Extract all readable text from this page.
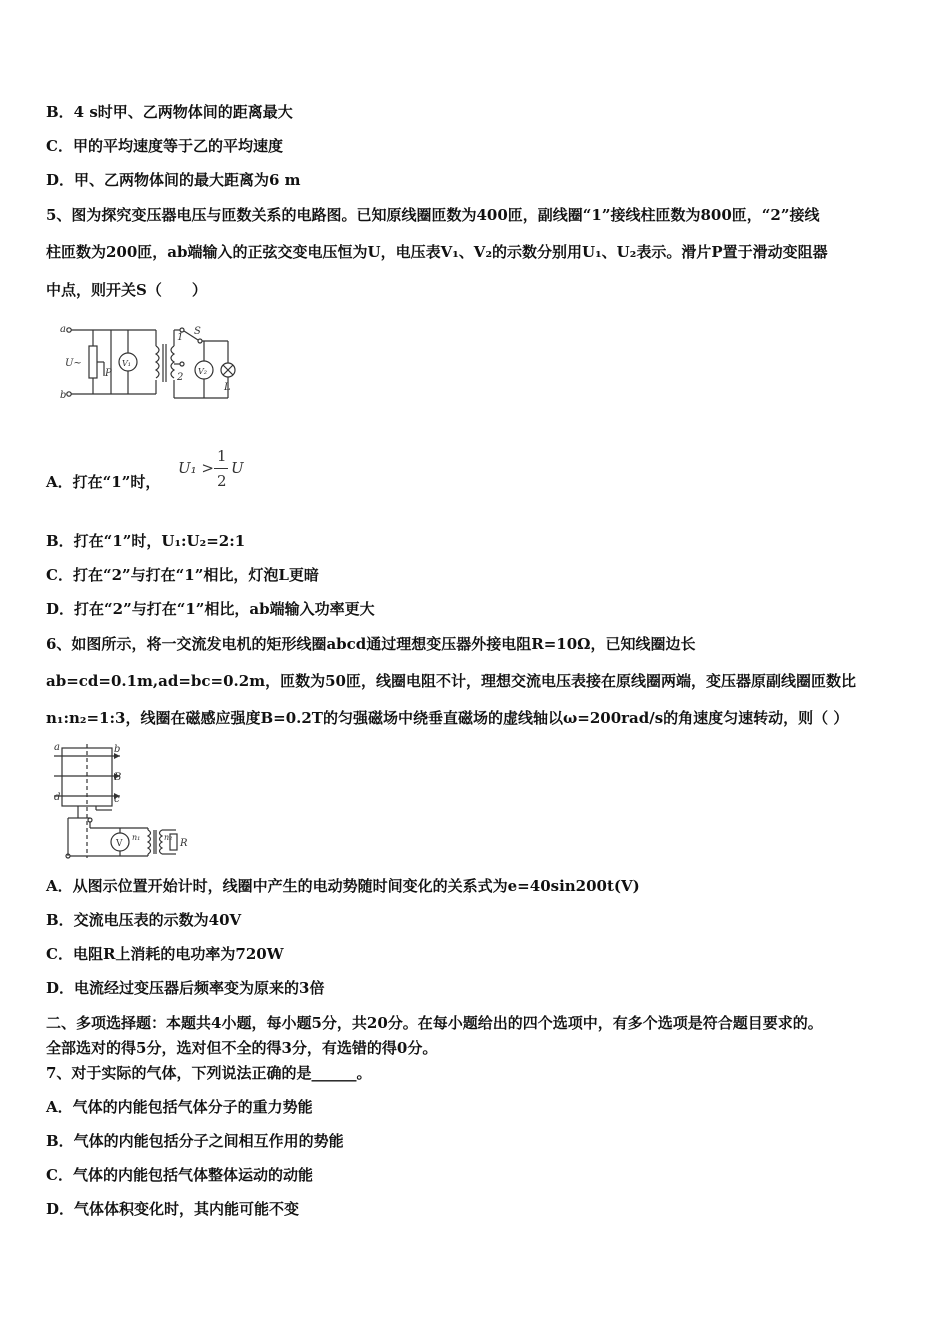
B．4 s时甲、乙两物体间的距离最大
C．甲的平均速度等于乙的平均速度
D．甲、乙两物体间的最大距离为6 m
5、图为探究变压器电压与匝数关系的电路图。已知原线圈匝数为400匝，副线圈“1”接线柱匝数为800匝，“2”接线
柱匝数为200匝，ab端输入的正弦交变电压恒为U，电压表V₁、V₂的示数分别用U₁、U₂表示。滑片P置于滑动变阻器
中点，则开关S（　　）
a
b
U~
P
V₁
V₂
1
2
S
L
A．打在“1”时，
U₁ >
1
2
U
B．打在“1”时，U₁:U₂=2:1
C．打在“2”与打在“1”相比，灯泡L更暗
D．打在“2”与打在“1”相比，ab端输入功率更大
6、如图所示，将一交流发电机的矩形线圈abcd通过理想变压器外接电阻R=10Ω，已知线圈边长
ab=cd=0.1m,ad=bc=0.2m，匝数为50匝，线圈电阻不计，理想交流电压表接在原线圈两端，变压器原副线圈匝数比
n₁:n₂=1:3，线圈在磁感应强度B=0.2T的匀强磁场中绕垂直磁场的虚线轴以ω=200rad/s的角速度匀速转动，则（ ）
a	b
c
d
B
V
n₁	n₂
R
A．从图示位置开始计时，线圈中产生的电动势随时间变化的关系式为e=40sin200t(V)
B．交流电压表的示数为40V
C．电阻R上消耗的电功率为720W
D．电流经过变压器后频率变为原来的3倍
二、多项选择题：本题共4小题，每小题5分，共20分。在每小题给出的四个选项中，有多个选项是符合题目要求的。
全部选对的得5分，选对但不全的得3分，有选错的得0分。
7、对于实际的气体，下列说法正确的是______。
A．气体的内能包括气体分子的重力势能
B．气体的内能包括分子之间相互作用的势能
C．气体的内能包括气体整体运动的动能
D．气体体积变化时，其内能可能不变
